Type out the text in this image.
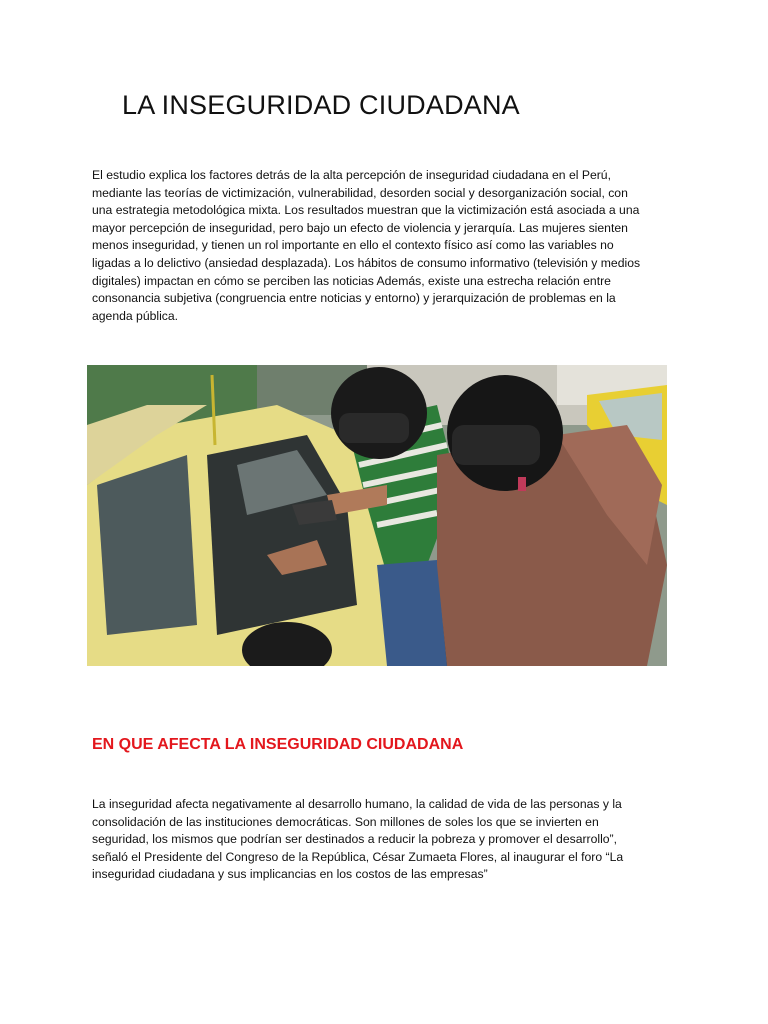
LA INSEGURIDAD CIUDADANA

El estudio explica los factores detrás de la alta percepción de inseguridad ciudadana en el Perú,
mediante las teorías de victimización, vulnerabilidad, desorden social y desorganización social, con
una estrategia metodológica mixta. Los resultados muestran que la victimización está asociada a una
mayor percepción de inseguridad, pero bajo un efecto de violencia y jerarquía. Las mujeres sienten
menos inseguridad, y tienen un rol importante en ello el contexto físico así como las variables no
ligadas a lo delictivo (ansiedad desplazada). Los hábitos de consumo informativo (televisión y medios
digitales) impactan en cómo se perciben las noticias Además, existe una estrecha relación entre
consonancia subjetiva (congruencia entre noticias y entorno) y jerarquización de problemas en la
agenda pública.

EN QUE AFECTA LA INSEGURIDAD CIUDADANA

La inseguridad afecta negativamente al desarrollo humano, la calidad de vida de las personas y la
consolidación de las instituciones democráticas. Son millones de soles los que se invierten en
seguridad, los mismos que podrían ser destinados a reducir la pobreza y promover el desarrollo”,
señaló el Presidente del Congreso de la República, César Zumaeta Flores, al inaugurar el foro “La
inseguridad ciudadana y sus implicancias en los costos de las empresas”
